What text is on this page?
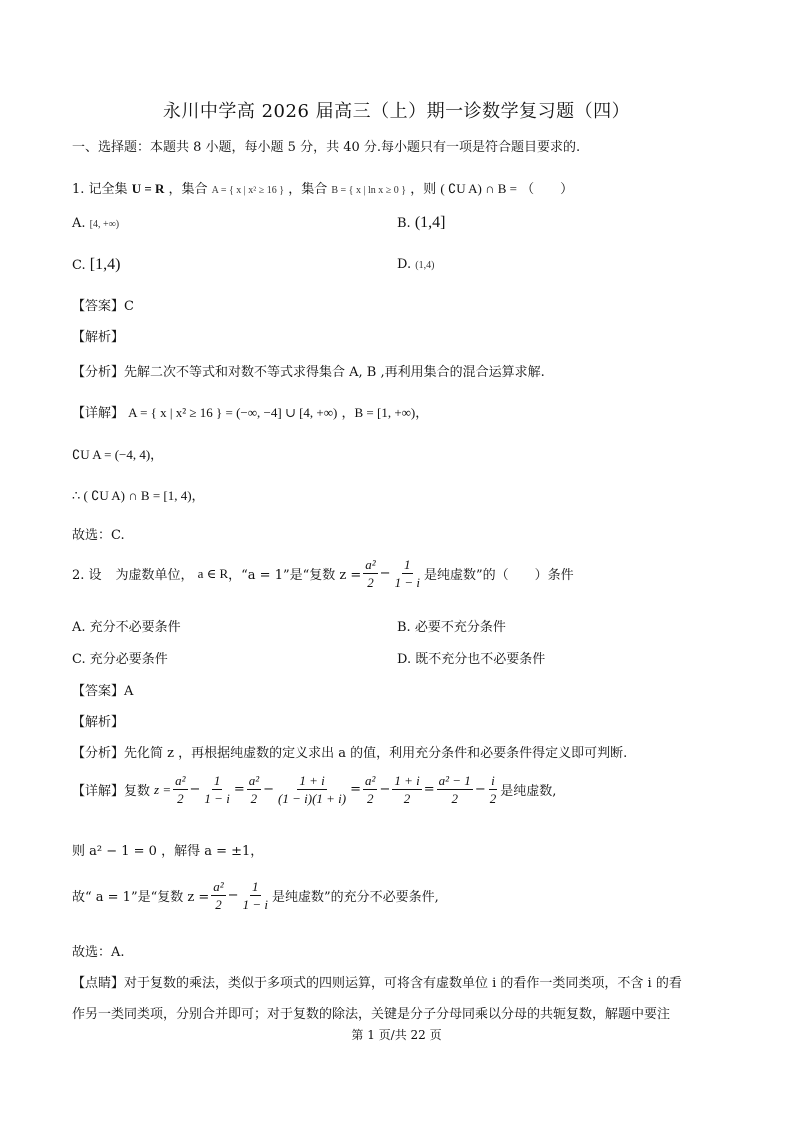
永川中学高 2026 届高三（上）期一诊数学复习题（四）
一、选择题：本题共 8 小题，每小题 5 分，共 40 分.每小题只有一项是符合题目要求的.
1. 记全集 U = R ，集合 A = { x | x² ≥ 16 } ，集合 B = { x | ln x ≥ 0 } ，则 ( ∁U A) ∩ B = （　　）
A. [4, +∞)	B. (1,4]
C. [1,4)	D. (1,4)
【答案】C
【解析】
【分析】先解二次不等式和对数不等式求得集合 A, B ,再利用集合的混合运算求解.
【详解】 A = { x | x² ≥ 16 } = (−∞, −4] ∪ [4, +∞) ，B = [1, +∞)，
∁U A = (−4, 4)，
∴ ( ∁U A) ∩ B = [1, 4)，
故选：C.
2. 设 为虚数单位， a ∈ R ，“a = 1”是“复数 $z = \frac{\text{a²}}{2} - \frac{1}{1 - i}$ 是纯虚数”的（　　）条件
A. 充分不必要条件	B. 必要不充分条件
C. 充分必要条件	D. 既不充分也不必要条件
【答案】A
【解析】
【分析】先化简 z ，再根据纯虚数的定义求出 a 的值，利用充分条件和必要条件得定义即可判断.
【详解】复数 $z = \frac{\text{a²}}{2} - \frac{1}{1 - i} = \frac{\text{a²}}{2} - \frac{1 + i}{(1 - i)(1 + i)} = \frac{\text{a²}}{2} - \frac{1 + i}{2} = \frac{\text{a² − 1}}{2} - \frac{i}{2}$ 是纯虚数,
则 a² − 1 = 0 ，解得 a = ±1，
故“ a = 1”是“复数 $z = \frac{\text{a²}}{2} - \frac{1}{1 - i}$ 是纯虚数”的充分不必要条件,
故选：A.
【点睛】对于复数的乘法，类似于多项式的四则运算，可将含有虚数单位 i 的看作一类同类项，不含 i 的看
作另一类同类项，分别合并即可；对于复数的除法，关键是分子分母同乘以分母的共轭复数，解题中要注
第 1 页/共 22 页
